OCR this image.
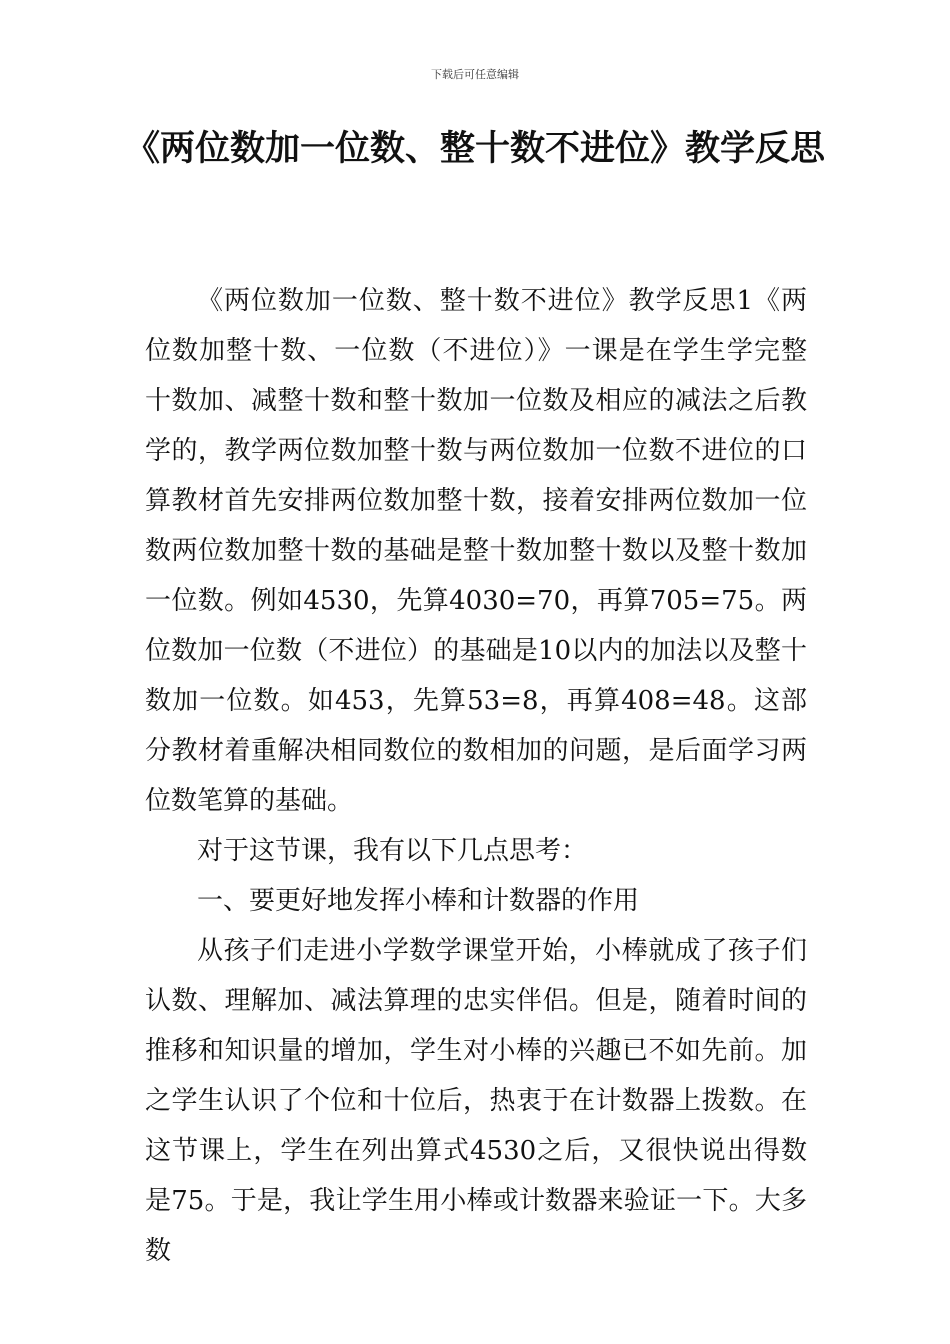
下载后可任意编辑
《两位数加一位数、整十数不进位》教学反思

《两位数加一位数、整十数不进位》教学反思1《两位数加整十数、一位数（不进位）》一课是在学生学完整十数加、减整十数和整十数加一位数及相应的减法之后教学的，教学两位数加整十数与两位数加一位数不进位的口算教材首先安排两位数加整十数，接着安排两位数加一位数两位数加整十数的基础是整十数加整十数以及整十数加一位数。例如4530，先算4030=70，再算705=75。两位数加一位数（不进位）的基础是10以内的加法以及整十数加一位数。如453，先算53=8，再算408=48。这部分教材着重解决相同数位的数相加的问题，是后面学习两位数笔算的基础。

对于这节课，我有以下几点思考：

一、要更好地发挥小棒和计数器的作用

从孩子们走进小学数学课堂开始，小棒就成了孩子们认数、理解加、减法算理的忠实伴侣。但是，随着时间的推移和知识量的增加，学生对小棒的兴趣已不如先前。加之学生认识了个位和十位后，热衷于在计数器上拨数。在这节课上，学生在列出算式4530之后，又很快说出得数是75。于是，我让学生用小棒或计数器来验证一下。大多数
